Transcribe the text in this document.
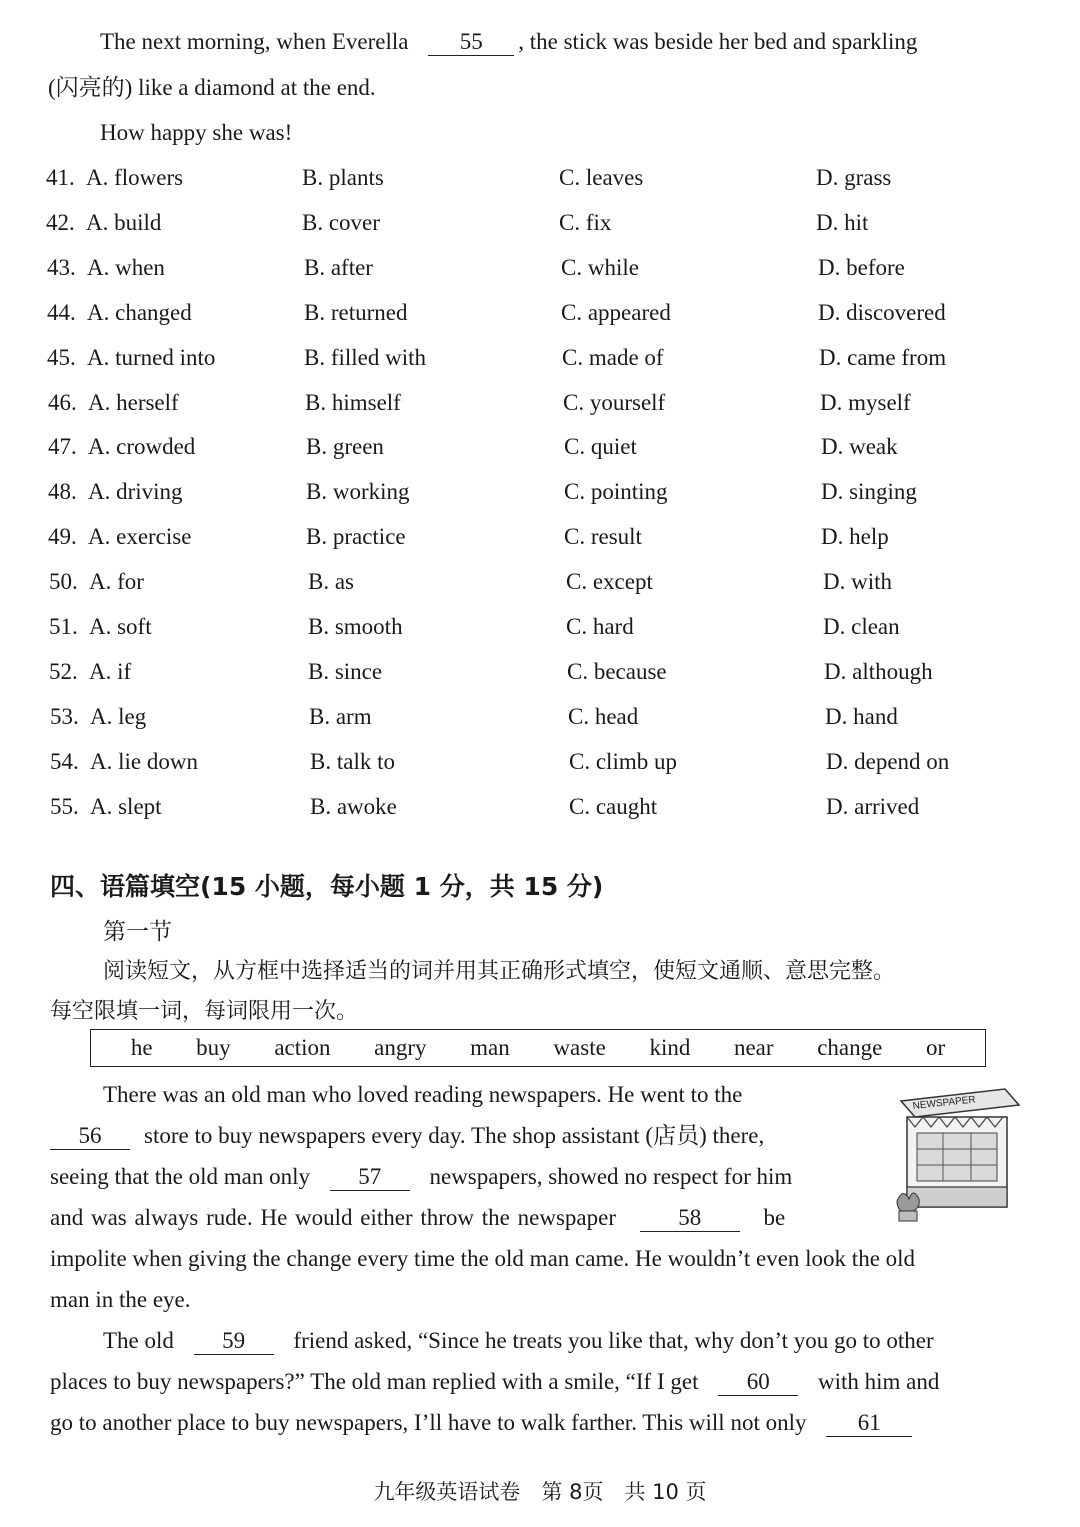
The next morning, when Everella 55 , the stick was beside her bed and sparkling
(闪亮的) like a diamond at the end.
How happy she was!
41. A. flowers	B. plants	C. leaves	D. grass
42. A. build	B. cover	C. fix	D. hit
43. A. when	B. after	C. while	D. before
44. A. changed	B. returned	C. appeared	D. discovered
45. A. turned into	B. filled with	C. made of	D. came from
46. A. herself	B. himself	C. yourself	D. myself
47. A. crowded	B. green	C. quiet	D. weak
48. A. driving	B. working	C. pointing	D. singing
49. A. exercise	B. practice	C. result	D. help
50. A. for	B. as	C. except	D. with
51. A. soft	B. smooth	C. hard	D. clean
52. A. if	B. since	C. because	D. although
53. A. leg	B. arm	C. head	D. hand
54. A. lie down	B. talk to	C. climb up	D. depend on
55. A. slept	B. awoke	C. caught	D. arrived
四、语篇填空(15 小题，每小题 1 分，共 15 分)
第一节
阅读短文，从方框中选择适当的词并用其正确形式填空，使短文通顺、意思完整。
每空限填一词，每词限用一次。
he buy action angry man waste kind near change or
NEWSPAPER
There was an old man who loved reading newspapers. He went to the
56 store to buy newspapers every day. The shop assistant (店员) there,
seeing that the old man only 57 newspapers, showed no respect for him
and was always rude. He would either throw the newspaper	58	be
impolite when giving the change every time the old man came. He wouldn’t even look the old
man in the eye.
The old 59 friend asked, “Since he treats you like that, why don’t you go to other
places to buy newspapers?” The old man replied with a smile, “If I get 60 with him and
go to another place to buy newspapers, I’ll have to walk farther. This will not only 61
九年级英语试卷　第 8页　共 10 页
